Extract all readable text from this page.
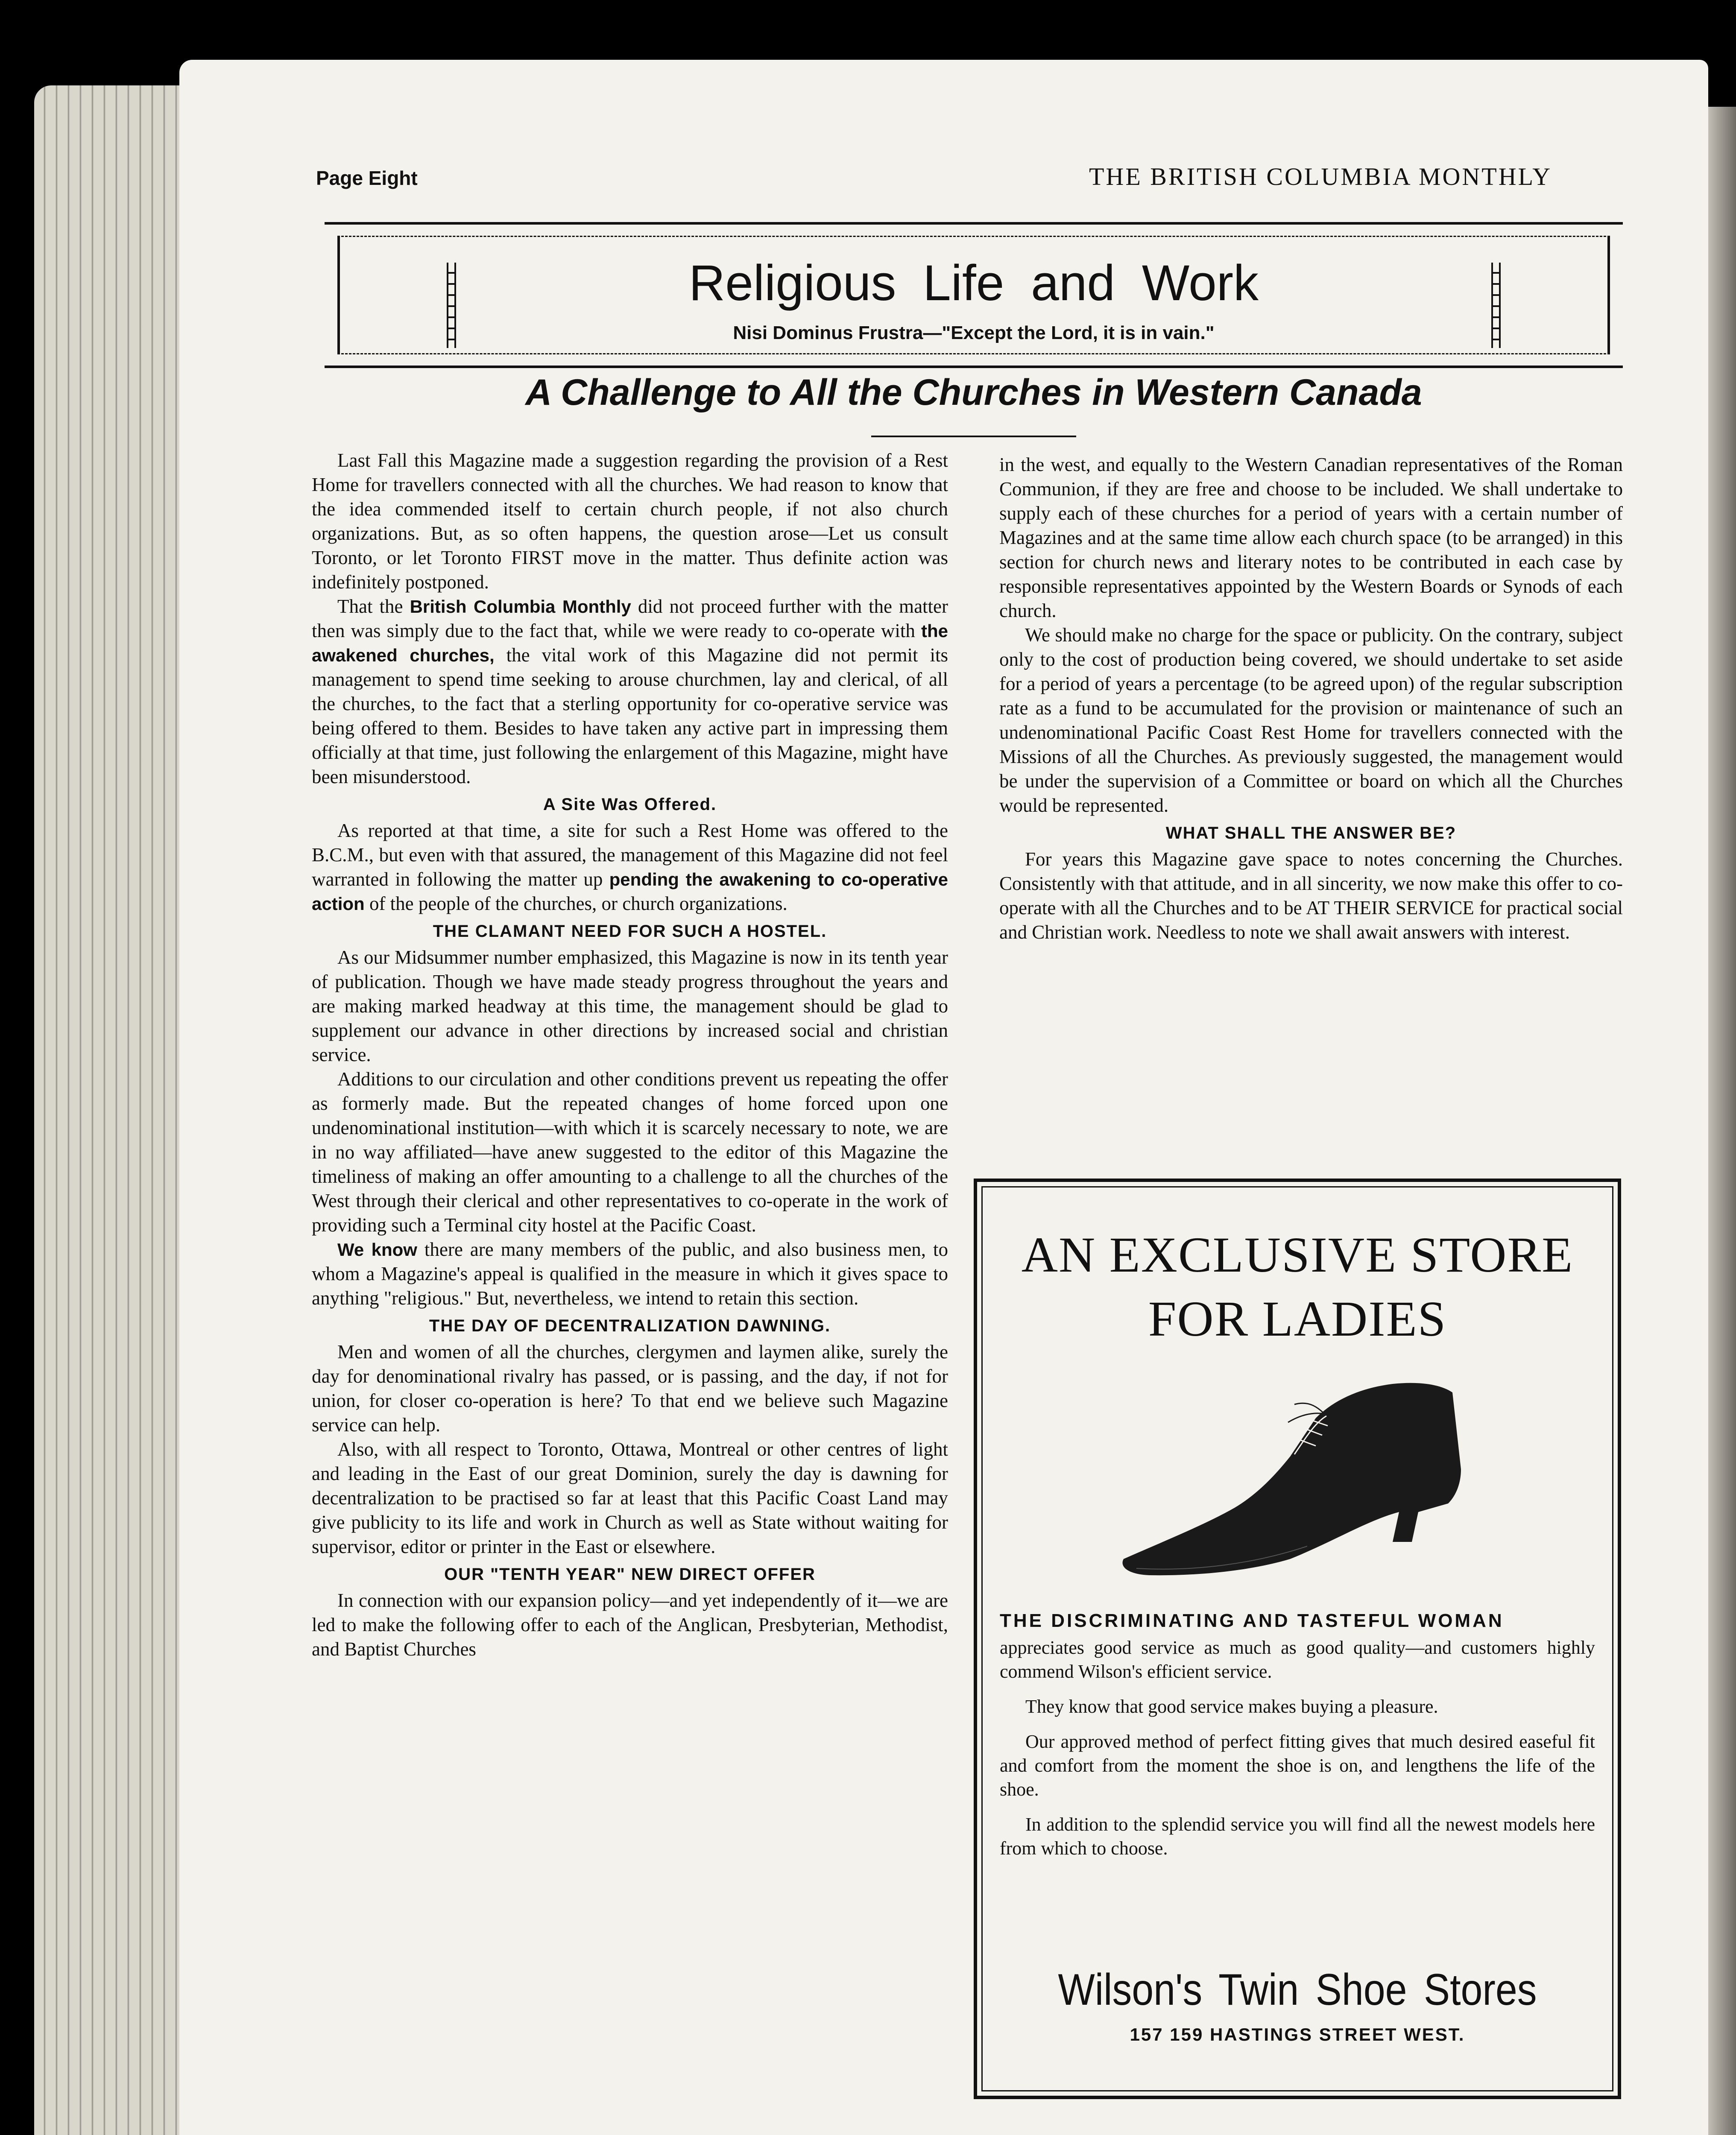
Page Eight	THE BRITISH COLUMBIA MONTHLY
Religious Life and Work
Nisi Dominus Frustra—"Except the Lord, it is in vain."
A Challenge to All the Churches in Western Canada

Last Fall this Magazine made a suggestion regarding the provision of a Rest Home for travellers connected with all the churches. We had reason to know that the idea commended itself to certain church people, if not also church organizations. But, as so often happens, the question arose—Let us consult Toronto, or let Toronto FIRST move in the matter. Thus definite action was indefinitely postponed.

That the British Columbia Monthly did not proceed further with the matter then was simply due to the fact that, while we were ready to co-operate with the awakened churches, the vital work of this Magazine did not permit its management to spend time seeking to arouse churchmen, lay and clerical, of all the churches, to the fact that a sterling opportunity for co-operative service was being offered to them. Besides to have taken any active part in impressing them officially at that time, just following the enlargement of this Magazine, might have been misunderstood.

A Site Was Offered.

As reported at that time, a site for such a Rest Home was offered to the B.C.M., but even with that assured, the management of this Magazine did not feel warranted in following the matter up pending the awakening to co-operative action of the people of the churches, or church organizations.

THE CLAMANT NEED FOR SUCH A HOSTEL.

As our Midsummer number emphasized, this Magazine is now in its tenth year of publication. Though we have made steady progress throughout the years and are making marked headway at this time, the management should be glad to supplement our advance in other directions by increased social and christian service.

Additions to our circulation and other conditions prevent us repeating the offer as formerly made. But the repeated changes of home forced upon one undenominational institution—with which it is scarcely necessary to note, we are in no way affiliated—have anew suggested to the editor of this Magazine the timeliness of making an offer amounting to a challenge to all the churches of the West through their clerical and other representatives to co-operate in the work of providing such a Terminal city hostel at the Pacific Coast.

We know there are many members of the public, and also business men, to whom a Magazine's appeal is qualified in the measure in which it gives space to anything "religious." But, nevertheless, we intend to retain this section.

THE DAY OF DECENTRALIZATION DAWNING.

Men and women of all the churches, clergymen and laymen alike, surely the day for denominational rivalry has passed, or is passing, and the day, if not for union, for closer co-operation is here? To that end we believe such Magazine service can help.

Also, with all respect to Toronto, Ottawa, Montreal or other centres of light and leading in the East of our great Dominion, surely the day is dawning for decentralization to be practised so far at least that this Pacific Coast Land may give publicity to its life and work in Church as well as State without waiting for supervisor, editor or printer in the East or elsewhere.

OUR "TENTH YEAR" NEW DIRECT OFFER

In connection with our expansion policy—and yet independently of it—we are led to make the following offer to each of the Anglican, Presbyterian, Methodist, and Baptist Churches

in the west, and equally to the Western Canadian representatives of the Roman Communion, if they are free and choose to be included. We shall undertake to supply each of these churches for a period of years with a certain number of Magazines and at the same time allow each church space (to be arranged) in this section for church news and literary notes to be contributed in each case by responsible representatives appointed by the Western Boards or Synods of each church.

We should make no charge for the space or publicity. On the contrary, subject only to the cost of production being covered, we should undertake to set aside for a period of years a percentage (to be agreed upon) of the regular subscription rate as a fund to be accumulated for the provision or maintenance of such an undenominational Pacific Coast Rest Home for travellers connected with the Missions of all the Churches. As previously suggested, the management would be under the supervision of a Committee or board on which all the Churches would be represented.

WHAT SHALL THE ANSWER BE?

For years this Magazine gave space to notes concerning the Churches. Consistently with that attitude, and in all sincerity, we now make this offer to co-operate with all the Churches and to be AT THEIR SERVICE for practical social and Christian work. Needless to note we shall await answers with interest.

AN EXCLUSIVE STORE
FOR LADIES
THE DISCRIMINATING AND TASTEFUL WOMAN

appreciates good service as much as good quality—and customers highly commend Wilson's efficient service.

They know that good service makes buying a pleasure.

Our approved method of perfect fitting gives that much desired easeful fit and comfort from the moment the shoe is on, and lengthens the life of the shoe.

In addition to the splendid service you will find all the newest models here from which to choose.

Wilson's Twin Shoe Stores
157 159 HASTINGS STREET WEST.
